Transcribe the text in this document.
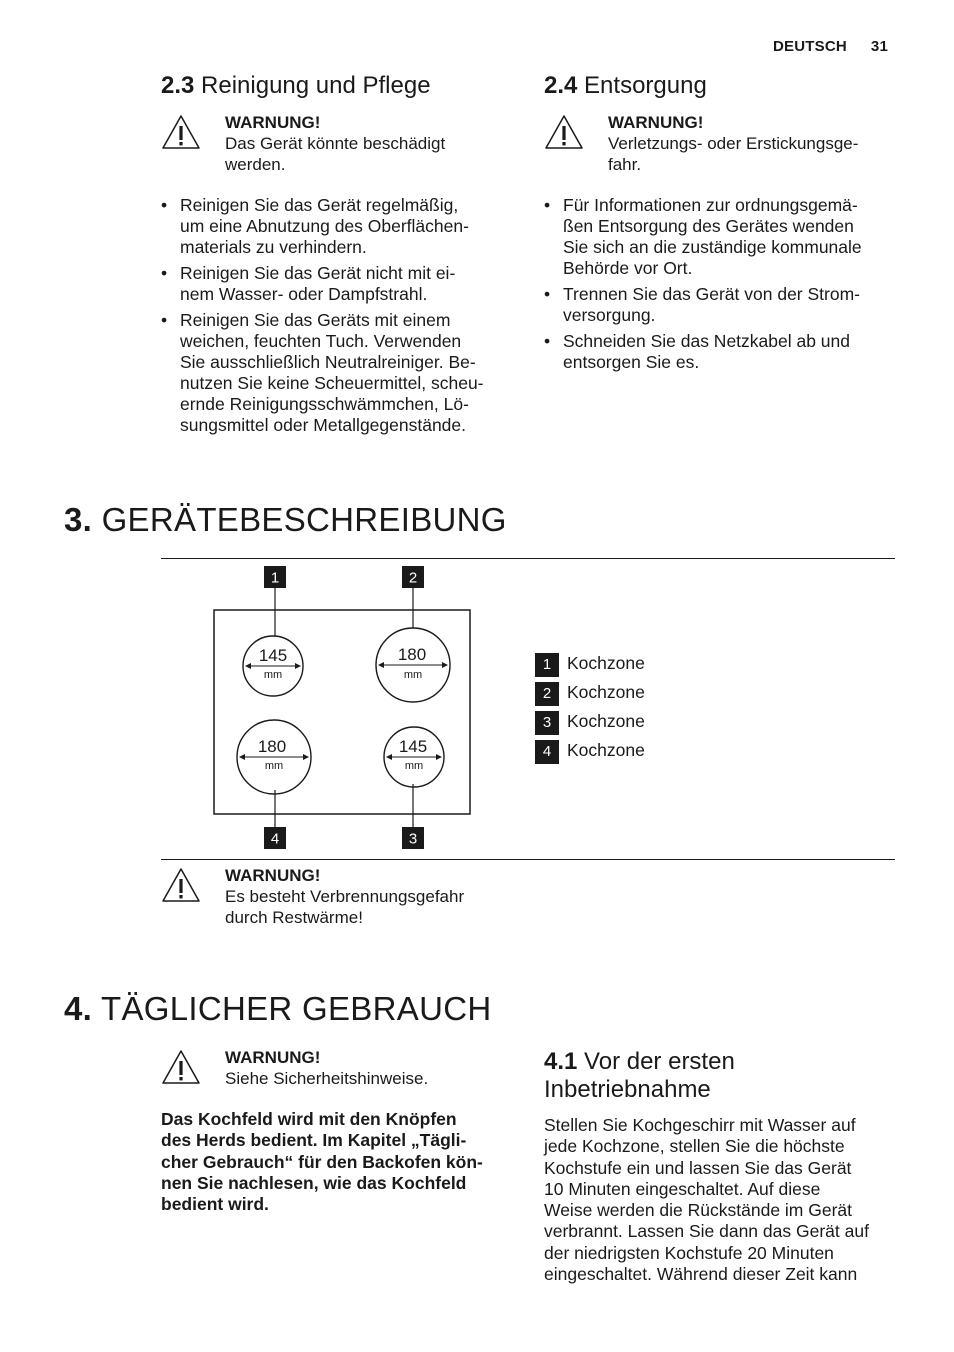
DEUTSCH 31
2.3 Reinigung und Pflege
WARNUNG!
Das Gerät könnte beschädigt
werden.
• Reinigen Sie das Gerät regelmäßig,
um eine Abnutzung des Oberflächen-
materials zu verhindern.
• Reinigen Sie das Gerät nicht mit ei-
nem Wasser- oder Dampfstrahl.
• Reinigen Sie das Geräts mit einem
weichen, feuchten Tuch. Verwenden
Sie ausschließlich Neutralreiniger. Be-
nutzen Sie keine Scheuermittel, scheu-
ernde Reinigungsschwämmchen, Lö-
sungsmittel oder Metallgegenstände.
2.4 Entsorgung
WARNUNG!
Verletzungs- oder Erstickungsge-
fahr.
• Für Informationen zur ordnungsgemä-
ßen Entsorgung des Gerätes wenden
Sie sich an die zuständige kommunale
Behörde vor Ort.
• Trennen Sie das Gerät von der Strom-
versorgung.
• Schneiden Sie das Netzkabel ab und
entsorgen Sie es.
3. GERÄTEBESCHREIBUNG
1	2
4	3
145
mm
180
mm
180
mm
145
mm
1 Kochzone
2 Kochzone
3 Kochzone
4 Kochzone
WARNUNG!
Es besteht Verbrennungsgefahr
durch Restwärme!
4. TÄGLICHER GEBRAUCH
WARNUNG!
Siehe Sicherheitshinweise.
Das Kochfeld wird mit den Knöpfen
des Herds bedient. Im Kapitel „Tägli-
cher Gebrauch“ für den Backofen kön-
nen Sie nachlesen, wie das Kochfeld
bedient wird.
4.1 Vor der ersten
Inbetriebnahme
Stellen Sie Kochgeschirr mit Wasser auf
jede Kochzone, stellen Sie die höchste
Kochstufe ein und lassen Sie das Gerät
10 Minuten eingeschaltet. Auf diese
Weise werden die Rückstände im Gerät
verbrannt. Lassen Sie dann das Gerät auf
der niedrigsten Kochstufe 20 Minuten
eingeschaltet. Während dieser Zeit kann
